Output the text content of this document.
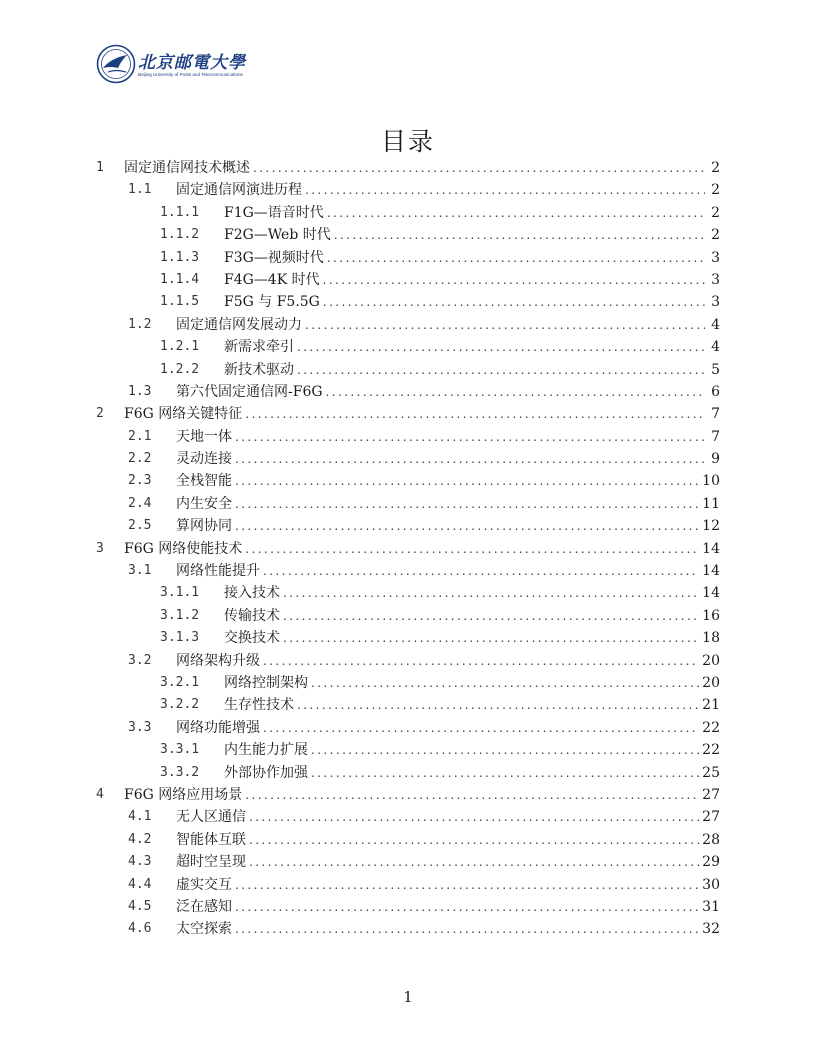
北京邮電大學
Beijing University of Posts and Telecommunications
目录
1 固定通信网技术概述 .....	2
1.1 固定通信网演进历程 .....	2
1.1.1 F1G—语音时代 .....	2
1.1.2 F2G—Web 时代 .....	2
1.1.3 F3G—视频时代 .....	3
1.1.4 F4G—4K 时代 .....	3
1.1.5 F5G 与 F5.5G .....	3
1.2 固定通信网发展动力 .....	4
1.2.1 新需求牵引 .....	4
1.2.2 新技术驱动 .....	5
1.3 第六代固定通信网-F6G .....	6
2 F6G 网络关键特征 .....	7
2.1 天地一体 .....	7
2.2 灵动连接 .....	9
2.3 全栈智能 .....	10
2.4 内生安全 .....	11
2.5 算网协同 .....	12
3 F6G 网络使能技术 .....	14
3.1 网络性能提升 .....	14
3.1.1 接入技术 .....	14
3.1.2 传输技术 .....	16
3.1.3 交换技术 .....	18
3.2 网络架构升级 .....	20
3.2.1 网络控制架构 .....	20
3.2.2 生存性技术 .....	21
3.3 网络功能增强 .....	22
3.3.1 内生能力扩展 .....	22
3.3.2 外部协作加强 .....	25
4 F6G 网络应用场景 .....	27
4.1 无人区通信 .....	27
4.2 智能体互联 .....	28
4.3 超时空呈现 .....	29
4.4 虚实交互 .....	30
4.5 泛在感知 .....	31
4.6 太空探索 .....	32
1
